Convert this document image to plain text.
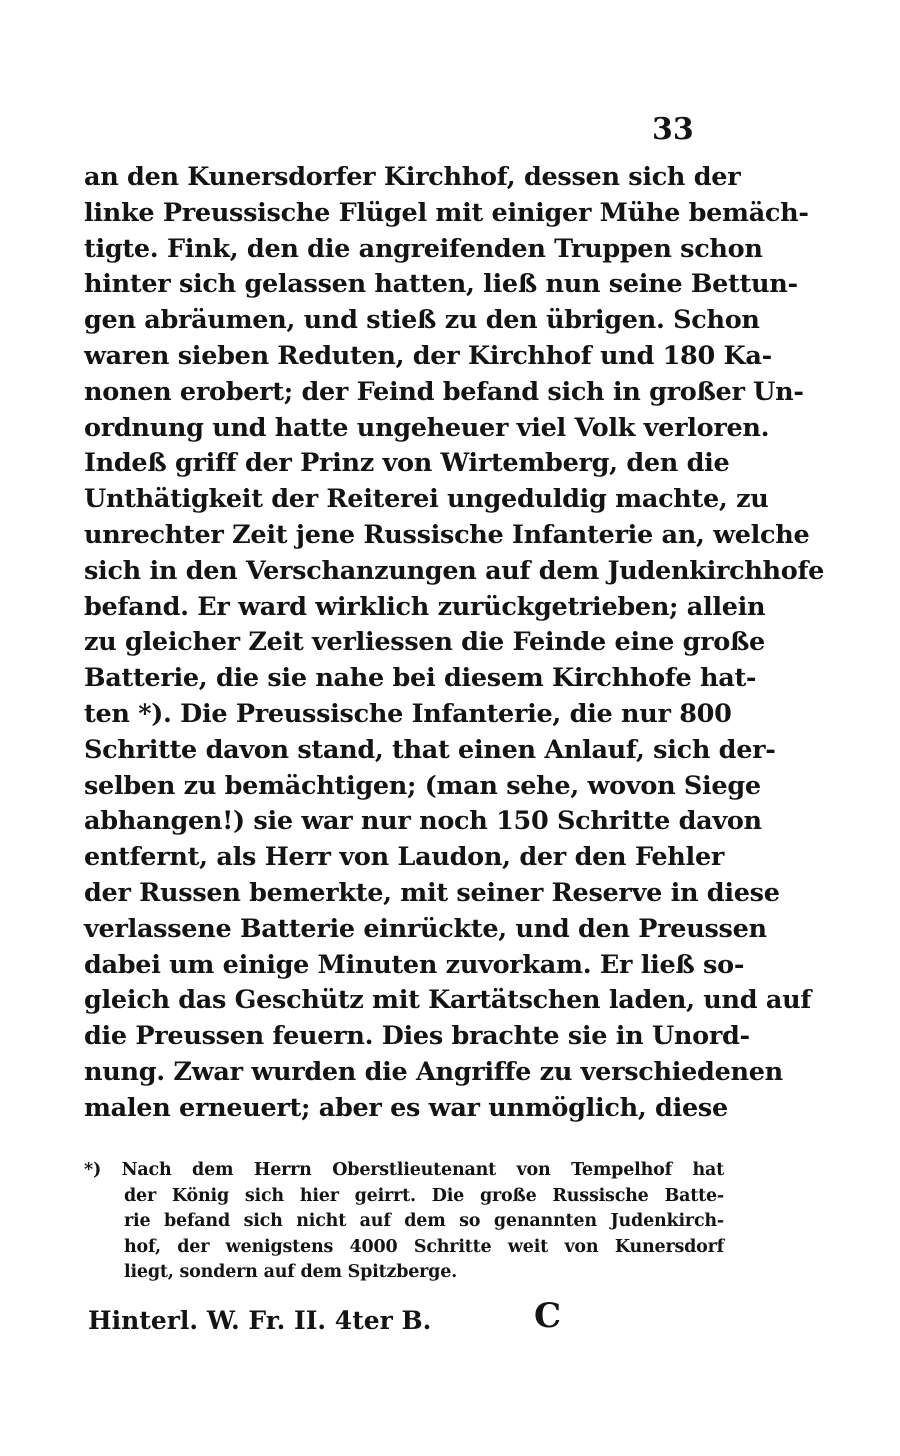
33
an den Kunersdorfer Kirchhof, dessen sich der
linke Preussische Flügel mit einiger Mühe bemäch-
tigte. Fink, den die angreifenden Truppen schon
hinter sich gelassen hatten, ließ nun seine Bettun-
gen abräumen, und stieß zu den übrigen. Schon
waren sieben Reduten, der Kirchhof und 180 Ka-
nonen erobert; der Feind befand sich in großer Un-
ordnung und hatte ungeheuer viel Volk verloren.
Indeß griff der Prinz von Wirtemberg, den die
Unthätigkeit der Reiterei ungeduldig machte, zu
unrechter Zeit jene Russische Infanterie an, welche
sich in den Verschanzungen auf dem Judenkirchhofe
befand. Er ward wirklich zurückgetrieben; allein
zu gleicher Zeit verliessen die Feinde eine große
Batterie, die sie nahe bei diesem Kirchhofe hat-
ten *). Die Preussische Infanterie, die nur 800
Schritte davon stand, that einen Anlauf, sich der-
selben zu bemächtigen; (man sehe, wovon Siege
abhangen!) sie war nur noch 150 Schritte davon
entfernt, als Herr von Laudon, der den Fehler
der Russen bemerkte, mit seiner Reserve in diese
verlassene Batterie einrückte, und den Preussen
dabei um einige Minuten zuvorkam. Er ließ so-
gleich das Geschütz mit Kartätschen laden, und auf
die Preussen feuern. Dies brachte sie in Unord-
nung. Zwar wurden die Angriffe zu verschiedenen
malen erneuert; aber es war unmöglich, diese
*) Nach dem Herrn Oberstlieutenant von Tempelhof hat
der König sich hier geirrt. Die große Russische Batte-
rie befand sich nicht auf dem so genannten Judenkirch-
hof, der wenigstens 4000 Schritte weit von Kunersdorf
liegt, sondern auf dem Spitzberge.
Hinterl. W. Fr. II. 4ter B.	C
